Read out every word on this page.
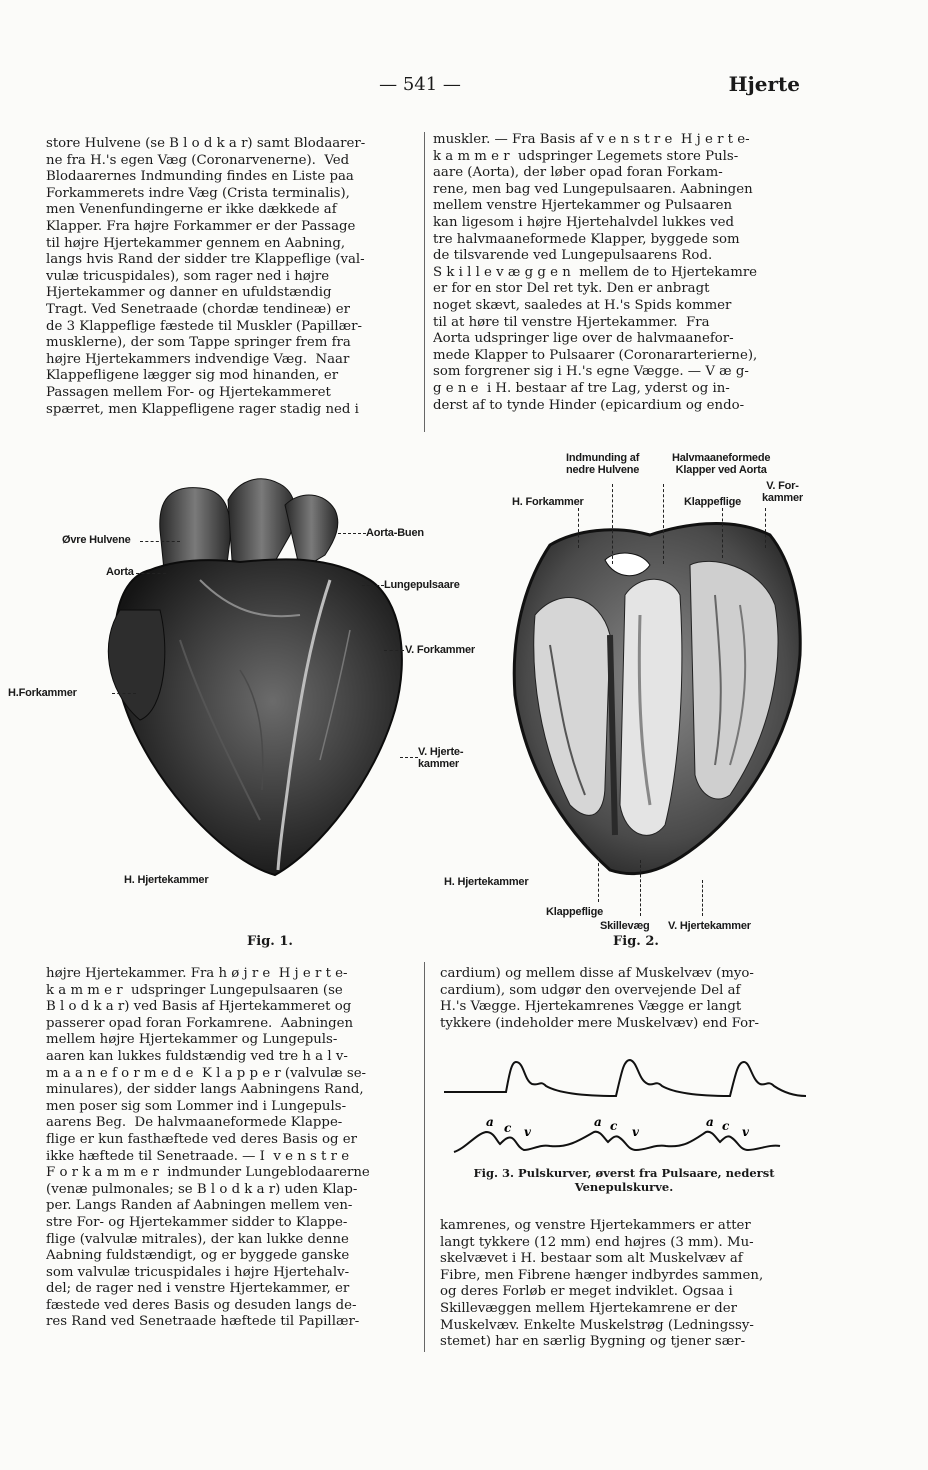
— 541 —	Hjerte
store Hulvene (se B l o d k a r) samt Blodaarer-
ne fra H.'s egen Væg (Coronarvenerne).  Ved
Blodaarernes Indmunding findes en Liste paa
Forkammerets indre Væg (Crista terminalis),
men Venenfundingerne er ikke dækkede af
Klapper. Fra højre Forkammer er der Passage
til højre Hjertekammer gennem en Aabning,
langs hvis Rand der sidder tre Klappeflige (val-
vulæ tricuspidales), som rager ned i højre
Hjertekammer og danner en ufuldstændig
Tragt. Ved Senetraade (chordæ tendineæ) er
de 3 Klappeflige fæstede til Muskler (Papillær-
musklerne), der som Tappe springer frem fra
højre Hjertekammers indvendige Væg.  Naar
Klappefligene lægger sig mod hinanden, er
Passagen mellem For- og Hjertekammeret
spærret, men Klappefligene rager stadig ned i
muskler. — Fra Basis af v e n s t r e  H j e r t e-
k a m m e r  udspringer Legemets store Puls-
aare (Aorta), der løber opad foran Forkam-
rene, men bag ved Lungepulsaaren. Aabningen
mellem venstre Hjertekammer og Pulsaaren
kan ligesom i højre Hjertehalvdel lukkes ved
tre halvmaaneformede Klapper, byggede som
de tilsvarende ved Lungepulsaarens Rod.
S k i l l e v æ g g e n  mellem de to Hjertekamre
er for en stor Del ret tyk. Den er anbragt
noget skævt, saaledes at H.'s Spids kommer
til at høre til venstre Hjertekammer.  Fra
Aorta udspringer lige over de halvmaanefor-
mede Klapper to Pulsaarer (Coronararterierne),
som forgrener sig i H.'s egne Vægge. — V æ g-
g e n e  i H. bestaar af tre Lag, yderst og in-
derst af to tynde Hinder (epicardium og endo-
højre Hjertekammer. Fra h ø j r e  H j e r t e-
k a m m e r  udspringer Lungepulsaaren (se
B l o d k a r) ved Basis af Hjertekammeret og
passerer opad foran Forkamrene.  Aabningen
mellem højre Hjertekammer og Lungepuls-
aaren kan lukkes fuldstændig ved tre h a l v-
m a a n e f o r m e d e  K l a p p e r (valvulæ se-
minulares), der sidder langs Aabningens Rand,
men poser sig som Lommer ind i Lungepuls-
aarens Beg.  De halvmaaneformede Klappe-
flige er kun fasthæftede ved deres Basis og er
ikke hæftede til Senetraade. — I  v e n s t r e
F o r k a m m e r  indmunder Lungeblodaarerne
(venæ pulmonales; se B l o d k a r) uden Klap-
per. Langs Randen af Aabningen mellem ven-
stre For- og Hjertekammer sidder to Klappe-
flige (valvulæ mitrales), der kan lukke denne
Aabning fuldstændigt, og er byggede ganske
som valvulæ tricuspidales i højre Hjertehalv-
del; de rager ned i venstre Hjertekammer, er
fæstede ved deres Basis og desuden langs de-
res Rand ved Senetraade hæftede til Papillær-
cardium) og mellem disse af Muskelvæv (myo-
cardium), som udgør den overvejende Del af
H.'s Vægge. Hjertekamrenes Vægge er langt
tykkere (indeholder mere Muskelvæv) end For-
kamrenes, og venstre Hjertekammers er atter
langt tykkere (12 mm) end højres (3 mm). Mu-
skelvævet i H. bestaar som alt Muskelvæv af
Fibre, men Fibrene hænger indbyrdes sammen,
og deres Forløb er meget indviklet. Ogsaa i
Skillevæggen mellem Hjertekamrene er der
Muskelvæv. Enkelte Muskelstrøg (Ledningssy-
stemet) har en særlig Bygning og tjener sær-
Øvre Hulvene
Aorta
Aorta-Buen
Lungepulsaare
V. Forkammer
H.Forkammer
V. Hjerte-
kammer
H. Hjertekammer
Fig. 1.
Indmunding af
nedre Hulvene
Halvmaaneformede
Klapper ved Aorta
V. For-
kammer
H. Forkammer	Klappeflige
H. Hjertekammer
Klappeflige
Skillevæg V. Hjertekammer
Fig. 2.
a c v
a c v
a c v
Fig. 3. Pulskurver, øverst fra Pulsaare, nederst
Venepulskurve.
